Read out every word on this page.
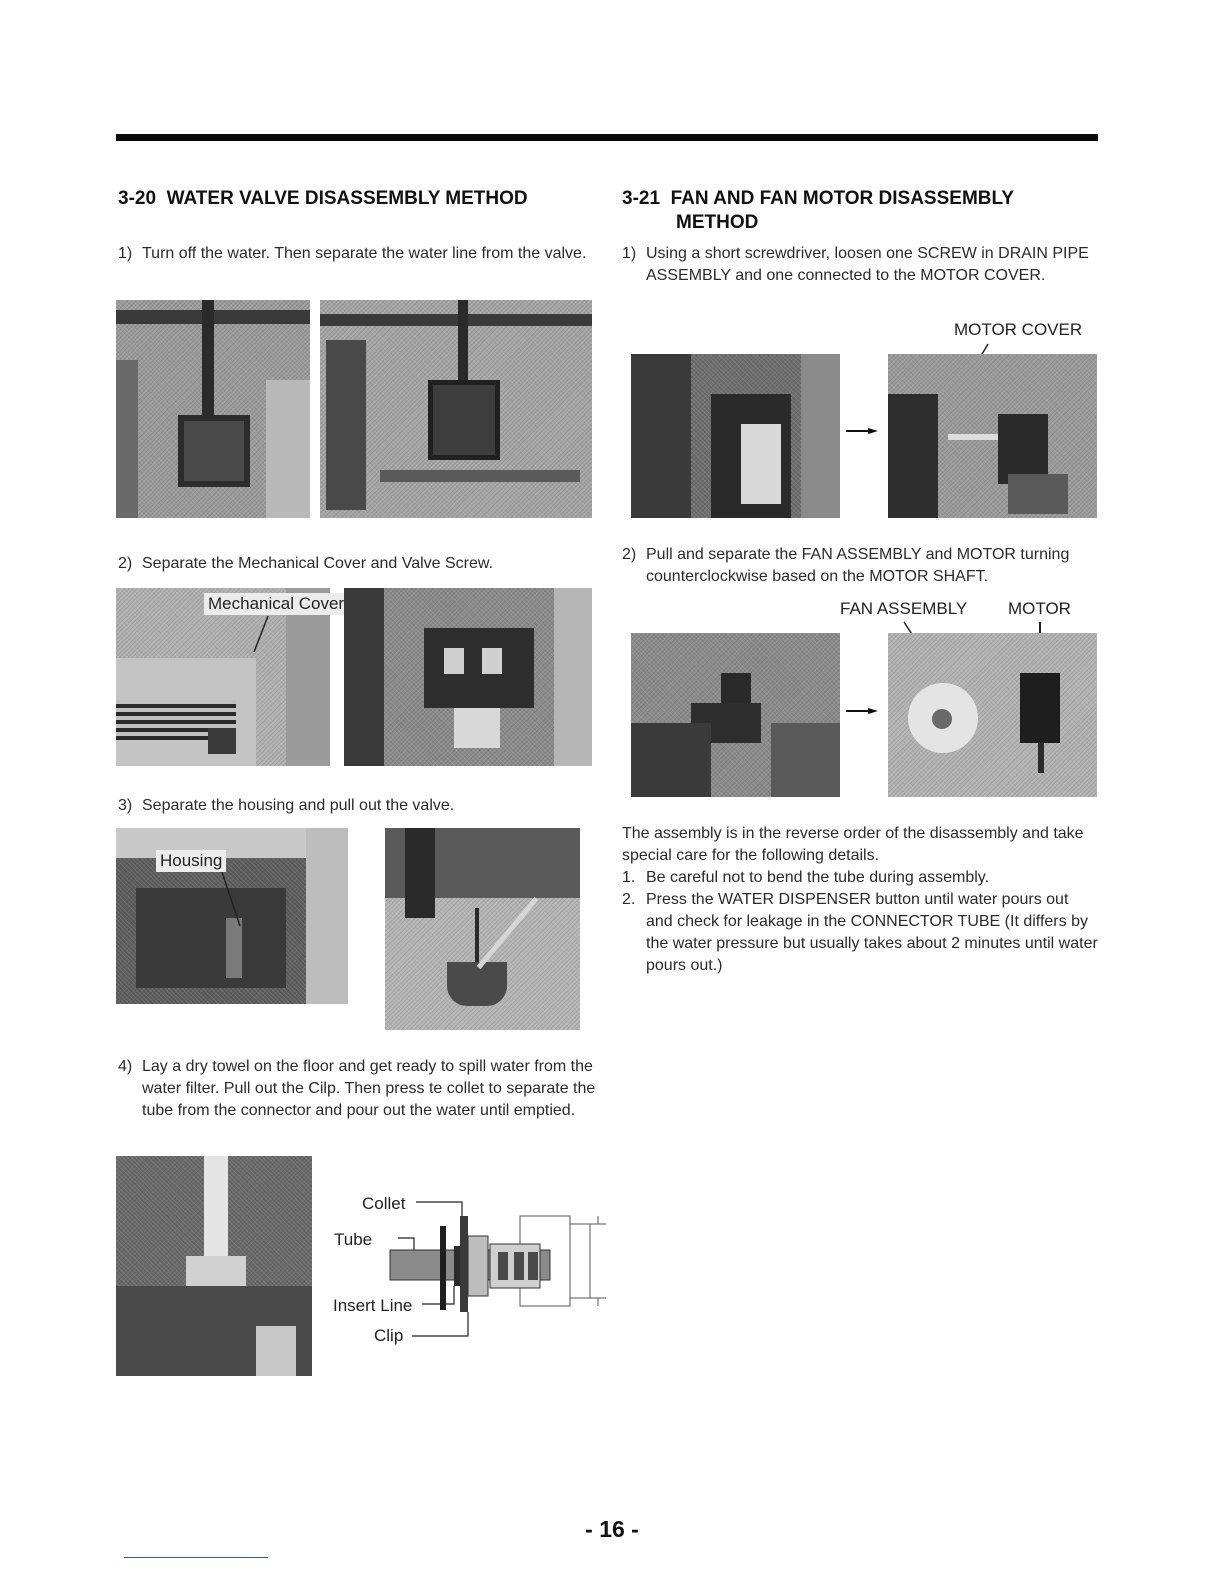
3-20 WATER VALVE DISASSEMBLY METHOD
1) Turn off the water. Then separate the water line from the valve.
2) Separate the Mechanical Cover and Valve Screw.
Mechanical Cover
3) Separate the housing and pull out the valve.
Housing
4) Lay a dry towel on the floor and get ready to spill water from the water filter. Pull out the Cilp. Then press te collet to separate the tube from the connector and pour out the water until emptied.
Collet
Tube
Insert Line
Clip
3-21 FAN AND FAN MOTOR DISASSEMBLY
METHOD
1) Using a short screwdriver, loosen one SCREW in DRAIN PIPE ASSEMBLY and one connected to the MOTOR COVER.
MOTOR COVER
2) Pull and separate the FAN ASSEMBLY and MOTOR turning counterclockwise based on the MOTOR SHAFT.
FAN ASSEMBLY MOTOR
The assembly is in the reverse order of the disassembly and take special care for the following details.
1. Be careful not to bend the tube during assembly.
2. Press the WATER DISPENSER button until water pours out and check for leakage in the CONNECTOR TUBE (It differs by the water pressure but usually takes about 2 minutes until water pours out.)
- 16 -
